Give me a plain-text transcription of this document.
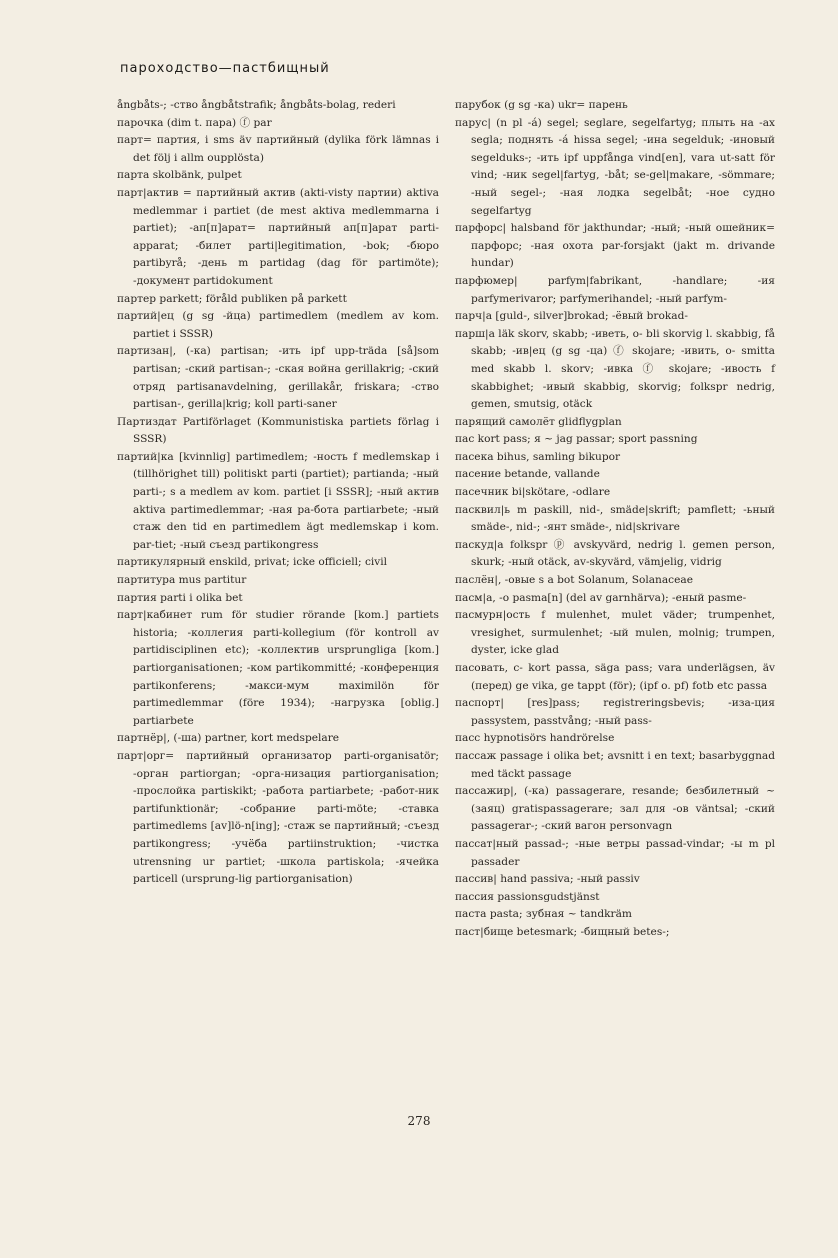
пароходство—пастбищный

ångbåts-; -ство ångbåtstrafik; ångbåts-bolag, rederi

парочка (dim t. пара) ⓕ par

парт= партия, i sms äv партийный (dylika förk lämnas i det följ i allm oupplösta)

парта skolbänk, pulpet

парт|актив = партийный актив (akti-visty партии) aktiva medlemmar i partiet (de mest aktiva medlemmarna i partiet); -ап[п]арат= партийный ап[п]арат parti-apparat; -билет parti|legitimation, -bok; -бюро partibyrå; -день m partidag (dag för partimöte); -документ partidokument

партер parkett; föråld publiken på parkett

партий|ец (g sg -йца) partimedlem (medlem av kom. partiet i SSSR)

партизан|, (-ка) partisan; -ить ipf upp-träda [så]som partisan; -ский partisan-; -ская война gerillakrig; -ский отряд partisanavdelning, gerillakår, friskara; -ство partisan-, gerilla|krig; koll parti-saner

Партиздат Partiförlaget (Kommunistiska partiets förlag i SSSR)

партий|ка [kvinnlig] partimedlem; -ность f medlemskap i (tillhörighet till) politiskt parti (partiet); partianda; -ный parti-; s a medlem av kom. partiet [i SSSR]; -ный актив aktiva partimedlemmar; -ная ра-бота partiarbete; -ный стаж den tid en partimedlem ägt medlemskap i kom. par-tiet; -ный съезд partikongress

партикулярный enskild, privat; icke officiell; civil

партитура mus partitur

партия parti i olika bet

парт|кабинет rum för studier rörande [kom.] partiets historia; -коллегия parti-kollegium (för kontroll av partidisciplinen etc); -коллектив ursprungliga [kom.] partiorganisationen; -ком partikommitté; -конференция partikonferens; -макси-мум maximilön för partimedlemmar (före 1934); -нагрузка [oblig.] partiarbete

партнёр|, (-ша) partner, kort medspelare

парт|орг= партийный организатор parti-organisatör; -орган partiorgan; -орга-низация partiorganisation; -прослойка partiskikt; -работа partiarbete; -работ-ник partifunktionär; -собрание parti-möte; -ставка partimedlems [av]lö-n[ing]; -стаж se партийный; -съезд partikongress; -учёба partiinstruktion; -чистка utrensning ur partiet; -школа partiskola; -ячейка particell (ursprung-lig partiorganisation)

парубок (g sg -ка) ukr= парень

парус| (n pl -á) segel; seglare, segelfartyg; плыть на -ах segla; поднять -á hissa segel; -ина segelduk; -иновый segelduks-; -ить ipf uppfånga vind[en], vara ut-satt för vind; -ник segel|fartyg, -båt; se-gel|makare, -sömmare; -ный segel-; -ная лодка segelbåt; -ное судно segelfartyg

парфорс| halsband för jakthundar; -ный; -ный ошейник= парфорс; -ная охота par-forsjakt (jakt m. drivande hundar)

парфюмер| parfym|fabrikant, -handlare; -ия parfymerivaror; parfymerihandel; -ный parfym-

парч|а [guld-, silver]brokad; -ёвый brokad-

парш|а läk skorv, skabb; -иветь, о- bli skorvig l. skabbig, få skabb; -ив|ец (g sg -ца) ⓕ skojare; -ивить, о- smitta med skabb l. skorv; -ивка ⓕ skojare; -ивость f skabbighet; -ивый skabbig, skorvig; folkspr nedrig, gemen, smutsig, otäck

парящий самолёт glidflygplan

пас kort pass; я ~ jag passar; sport passning

пасека bihus, samling bikupor

пасение betande, vallande

пасечник bi|skötare, -odlare

пасквил|ь m paskill, nid-, smäde|skrift; pamflett; -ьный smäde-, nid-; -янт smäde-, nid|skrivare

паскуд|а folkspr ⓟ avskyvärd, nedrig l. gemen person, skurk; -ный otäck, av-skyvärd, vämjelig, vidrig

паслён|, -овые s a bot Solanum, Solanaceae

пасм|а, -о pasma[n] (del av garnhärva); -еный pasme-

пасмурн|ость f mulenhet, mulet väder; trumpenhet, vresighet, surmulenhet; -ый mulen, molnig; trumpen, dyster, icke glad

пасовать, с- kort passa, säga pass; vara underlägsen, äv (перед) ge vika, ge tappt (för); (ipf o. pf) fotb etc passa

паспорт| [res]pass; registreringsbevis; -иза-ция passystem, passtvång; -ный pass-

пасс hypnotisörs handrörelse

пассаж passage i olika bet; avsnitt i en text; basarbyggnad med täckt passage

пассажир|, (-ка) passagerare, resande; безбилетный ~ (заяц) gratispassagerare; зал для -ов väntsal; -ский passagerar-; -ский вагон personvagn

пассат|ный passad-; -ные ветры passad-vindar; -ы m pl passader

пассив| hand passiva; -ный passiv

пассия passionsgudstjänst

паста pasta; зубная ~ tandkräm

паст|бище betesmark; -бищный betes-;

278
